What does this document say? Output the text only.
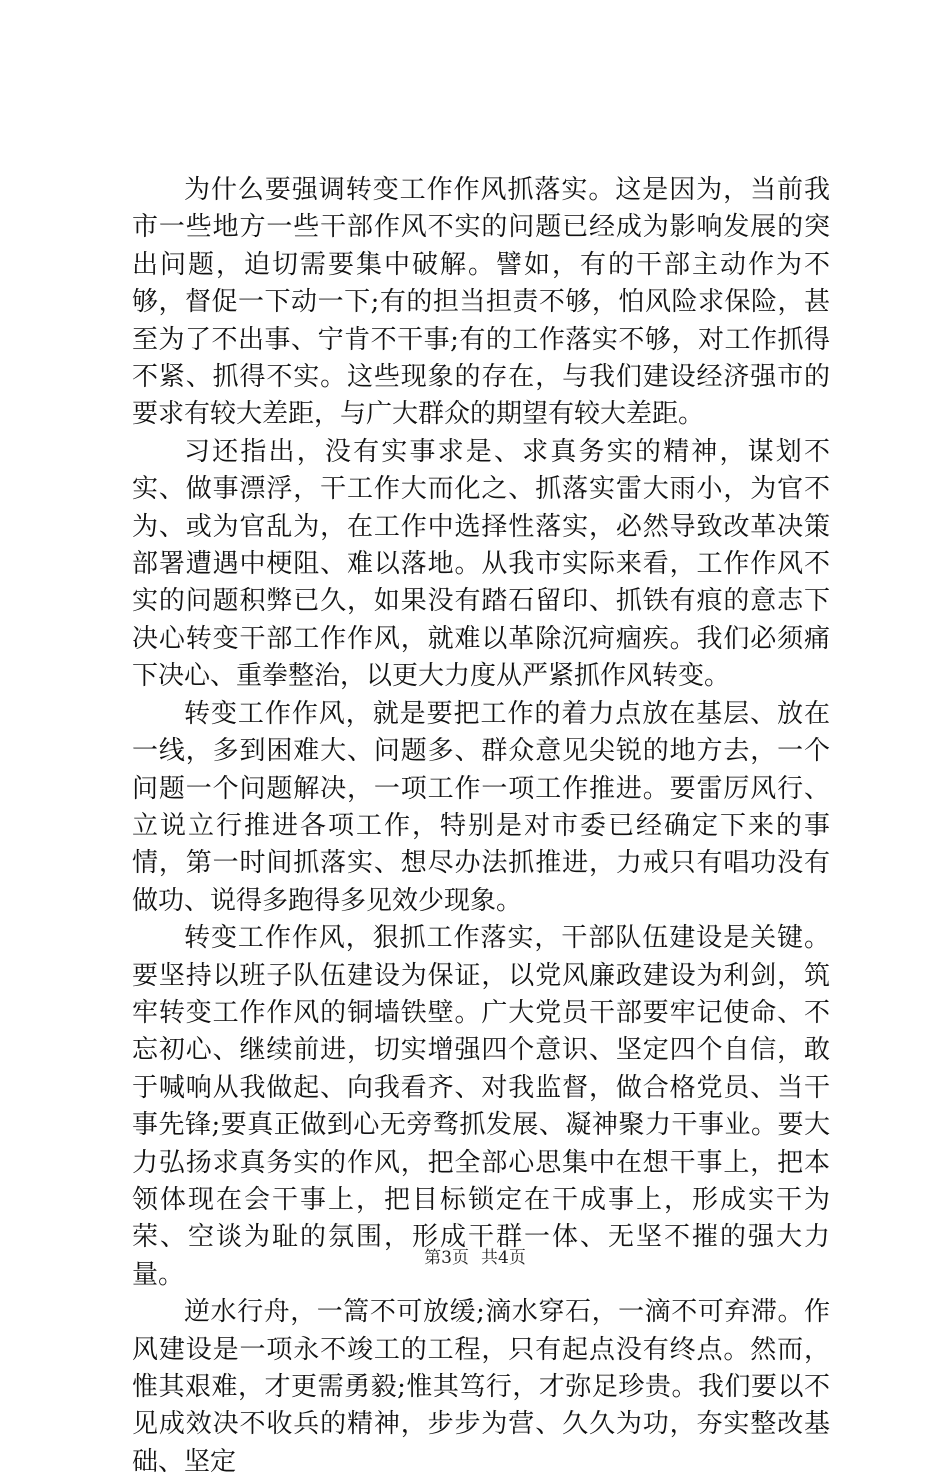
为什么要强调转变工作作风抓落实。这是因为，当前我市一些地方一些干部作风不实的问题已经成为影响发展的突出问题，迫切需要集中破解。譬如，有的干部主动作为不够，督促一下动一下;有的担当担责不够，怕风险求保险，甚至为了不出事、宁肯不干事;有的工作落实不够，对工作抓得不紧、抓得不实。这些现象的存在，与我们建设经济强市的要求有较大差距，与广大群众的期望有较大差距。

习还指出，没有实事求是、求真务实的精神，谋划不实、做事漂浮，干工作大而化之、抓落实雷大雨小，为官不为、或为官乱为，在工作中选择性落实，必然导致改革决策部署遭遇中梗阻、难以落地。从我市实际来看，工作作风不实的问题积弊已久，如果没有踏石留印、抓铁有痕的意志下决心转变干部工作作风，就难以革除沉疴痼疾。我们必须痛下决心、重拳整治，以更大力度从严紧抓作风转变。

转变工作作风，就是要把工作的着力点放在基层、放在一线，多到困难大、问题多、群众意见尖锐的地方去，一个问题一个问题解决，一项工作一项工作推进。要雷厉风行、立说立行推进各项工作，特别是对市委已经确定下来的事情，第一时间抓落实、想尽办法抓推进，力戒只有唱功没有做功、说得多跑得多见效少现象。

转变工作作风，狠抓工作落实，干部队伍建设是关键。要坚持以班子队伍建设为保证，以党风廉政建设为利剑，筑牢转变工作作风的铜墙铁壁。广大党员干部要牢记使命、不忘初心、继续前进，切实增强四个意识、坚定四个自信，敢于喊响从我做起、向我看齐、对我监督，做合格党员、当干事先锋;要真正做到心无旁骛抓发展、凝神聚力干事业。要大力弘扬求真务实的作风，把全部心思集中在想干事上，把本领体现在会干事上，把目标锁定在干成事上，形成实干为荣、空谈为耻的氛围，形成干群一体、无坚不摧的强大力量。

逆水行舟，一篙不可放缓;滴水穿石，一滴不可弃滞。作风建设是一项永不竣工的工程，只有起点没有终点。然而，惟其艰难，才更需勇毅;惟其笃行，才弥足珍贵。我们要以不见成效决不收兵的精神，步步为营、久久为功，夯实整改基础、坚定

第3页 共4页
